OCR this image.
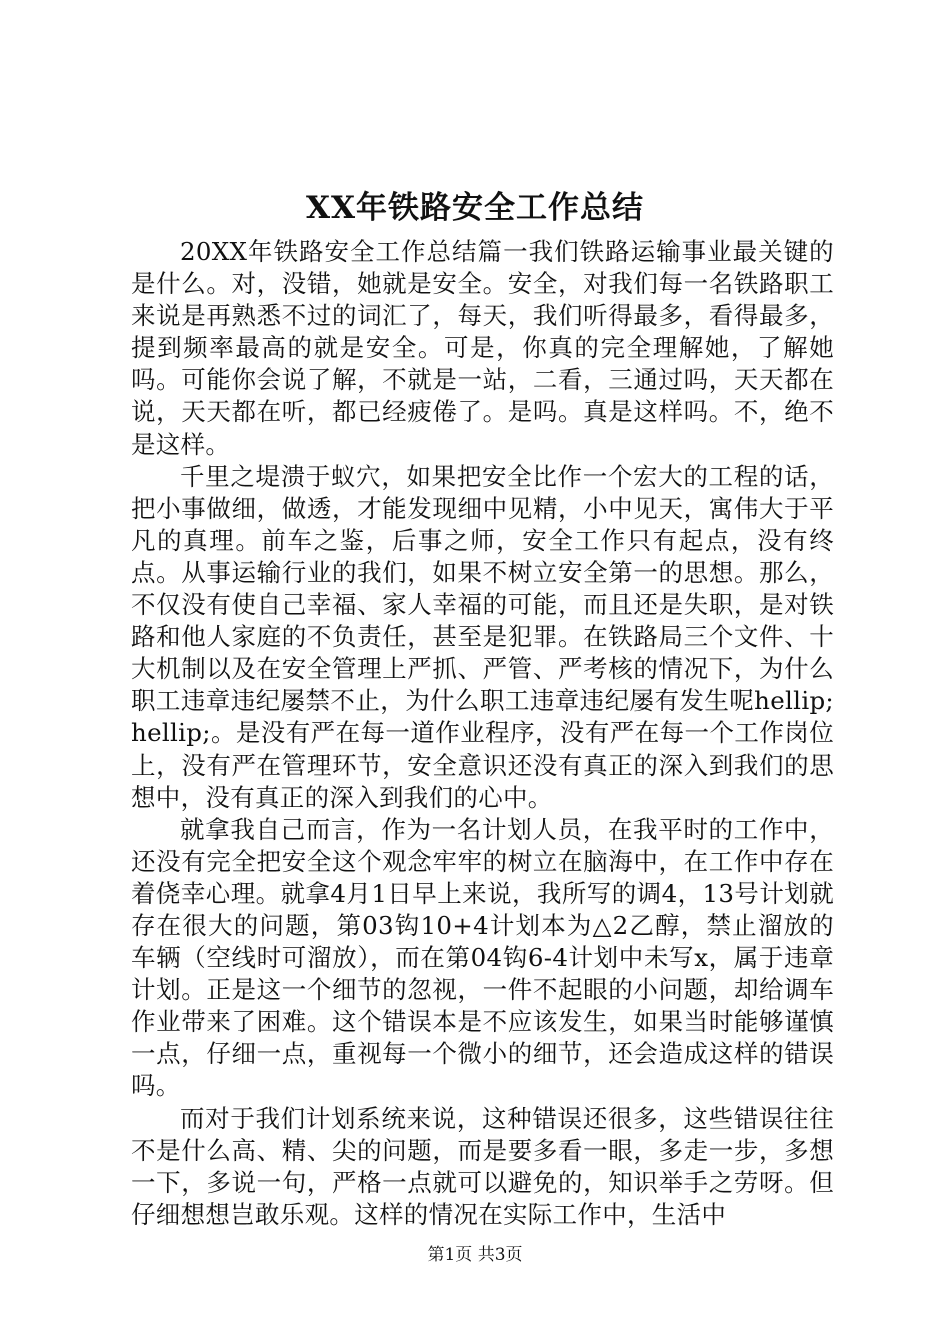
XX年铁路安全工作总结

20XX年铁路安全工作总结篇一我们铁路运输事业最关键的是什么。对，没错，她就是安全。安全，对我们每一名铁路职工来说是再熟悉不过的词汇了，每天，我们听得最多，看得最多，提到频率最高的就是安全。可是，你真的完全理解她，了解她吗。可能你会说了解，不就是一站，二看，三通过吗，天天都在说，天天都在听，都已经疲倦了。是吗。真是这样吗。不，绝不是这样。

千里之堤溃于蚁穴，如果把安全比作一个宏大的工程的话，把小事做细，做透，才能发现细中见精，小中见天，寓伟大于平凡的真理。前车之鉴，后事之师，安全工作只有起点，没有终点。从事运输行业的我们，如果不树立安全第一的思想。那么，不仅没有使自己幸福、家人幸福的可能，而且还是失职，是对铁路和他人家庭的不负责任，甚至是犯罪。在铁路局三个文件、十大机制以及在安全管理上严抓、严管、严考核的情况下，为什么职工违章违纪屡禁不止，为什么职工违章违纪屡有发生呢hellip;hellip;。是没有严在每一道作业程序，没有严在每一个工作岗位上，没有严在管理环节，安全意识还没有真正的深入到我们的思想中，没有真正的深入到我们的心中。

就拿我自己而言，作为一名计划人员，在我平时的工作中，还没有完全把安全这个观念牢牢的树立在脑海中，在工作中存在着侥幸心理。就拿4月1日早上来说，我所写的调4，13号计划就存在很大的问题，第03钩10+4计划本为△2乙醇，禁止溜放的车辆（空线时可溜放），而在第04钩6-4计划中未写x，属于违章计划。正是这一个细节的忽视，一件不起眼的小问题，却给调车作业带来了困难。这个错误本是不应该发生，如果当时能够谨慎一点，仔细一点，重视每一个微小的细节，还会造成这样的错误吗。

而对于我们计划系统来说，这种错误还很多，这些错误往往不是什么高、精、尖的问题，而是要多看一眼，多走一步，多想一下，多说一句，严格一点就可以避免的，知识举手之劳呀。但仔细想想岂敢乐观。这样的情况在实际工作中，生活中

第1页 共3页
